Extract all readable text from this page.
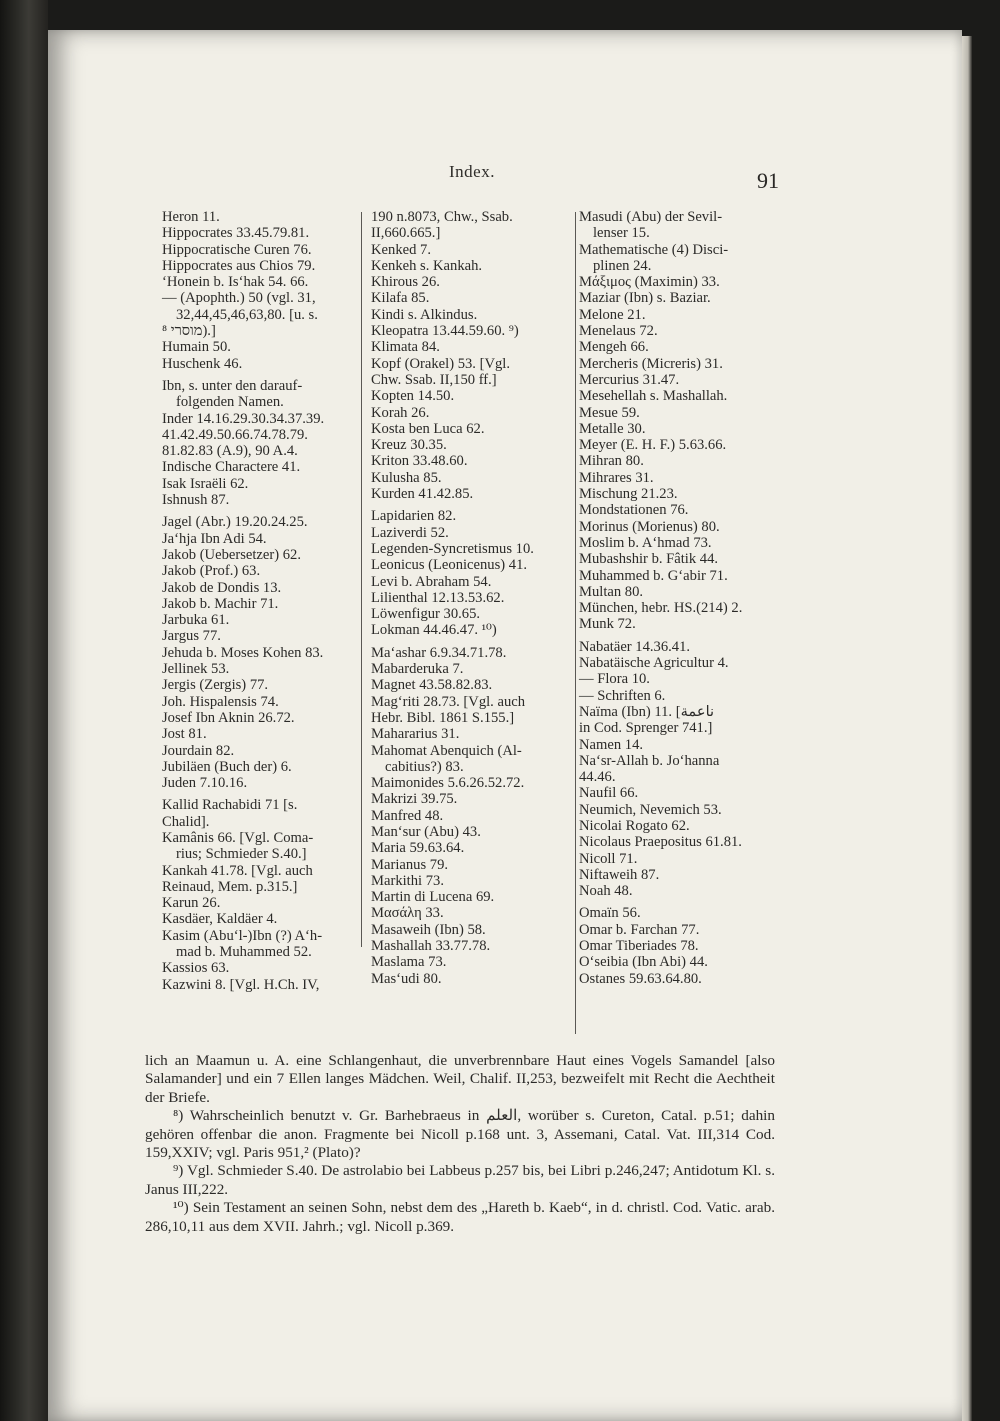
Index.	91
Heron 11.
Hippocrates 33.45.79.81.
Hippocratische Curen 76.
Hippocrates aus Chios 79.
‘Honein b. Is‘hak 54. 66.
— (Apophth.) 50 (vgl. 31,
32,44,45,46,63,80. [u. s.
מוסרי ⁸).]
Humain 50.
Huschenk 46.
Ibn, s. unter den darauf-
folgenden Namen.
Inder 14.16.29.30.34.37.39.
41.42.49.50.66.74.78.79.
81.82.83 (A.9), 90 A.4.
Indische Charactere 41.
Isak Israëli 62.
Ishnush 87.
Jagel (Abr.) 19.20.24.25.
Ja‘hja Ibn Adi 54.
Jakob (Uebersetzer) 62.
Jakob (Prof.) 63.
Jakob de Dondis 13.
Jakob b. Machir 71.
Jarbuka 61.
Jargus 77.
Jehuda b. Moses Kohen 83.
Jellinek 53.
Jergis (Zergis) 77.
Joh. Hispalensis 74.
Josef Ibn Aknin 26.72.
Jost 81.
Jourdain 82.
Jubiläen (Buch der) 6.
Juden 7.10.16.
Kallid Rachabidi 71 [s.
Chalid].
Kamânis 66. [Vgl. Coma-
rius; Schmieder S.40.]
Kankah 41.78. [Vgl. auch
Reinaud, Mem. p.315.]
Karun 26.
Kasdäer, Kaldäer 4.
Kasim (Abu‘l-)Ibn (?) A‘h-
mad b. Muhammed 52.
Kassios 63.
Kazwini 8. [Vgl. H.Ch. IV,
190 n.8073, Chw., Ssab.
II,660.665.]
Kenked 7.
Kenkeh s. Kankah.
Khirous 26.
Kilafa 85.
Kindi s. Alkindus.
Kleopatra 13.44.59.60. ⁹)
Klimata 84.
Kopf (Orakel) 53. [Vgl.
Chw. Ssab. II,150 ff.]
Kopten 14.50.
Korah 26.
Kosta ben Luca 62.
Kreuz 30.35.
Kriton 33.48.60.
Kulusha 85.
Kurden 41.42.85.
Lapidarien 82.
Laziverdi 52.
Legenden-Syncretismus 10.
Leonicus (Leonicenus) 41.
Levi b. Abraham 54.
Lilienthal 12.13.53.62.
Löwenfigur 30.65.
Lokman 44.46.47. ¹⁰)
Ma‘ashar 6.9.34.71.78.
Mabarderuka 7.
Magnet 43.58.82.83.
Mag‘riti 28.73. [Vgl. auch
Hebr. Bibl. 1861 S.155.]
Mahararius 31.
Mahomat Abenquich (Al-
cabitius?) 83.
Maimonides 5.6.26.52.72.
Makrizi 39.75.
Manfred 48.
Man‘sur (Abu) 43.
Maria 59.63.64.
Marianus 79.
Markithi 73.
Martin di Lucena 69.
Μασάλη 33.
Masaweih (Ibn) 58.
Mashallah 33.77.78.
Maslama 73.
Mas‘udi 80.
Masudi (Abu) der Sevil-
lenser 15.
Mathematische (4) Disci-
plinen 24.
Μάξιμος (Maximin) 33.
Maziar (Ibn) s. Baziar.
Melone 21.
Menelaus 72.
Mengeh 66.
Mercheris (Micreris) 31.
Mercurius 31.47.
Mesehellah s. Mashallah.
Mesue 59.
Metalle 30.
Meyer (E. H. F.) 5.63.66.
Mihran 80.
Mihrares 31.
Mischung 21.23.
Mondstationen 76.
Morinus (Morienus) 80.
Moslim b. A‘hmad 73.
Mubashshir b. Fâtik 44.
Muhammed b. G‘abir 71.
Multan 80.
München, hebr. HS.(214) 2.
Munk 72.
Nabatäer 14.36.41.
Nabatäische Agricultur 4.
— Flora 10.
— Schriften 6.
Naïma (Ibn) 11. [ناعمة
in Cod. Sprenger 741.]
Namen 14.
Na‘sr-Allah b. Jo‘hanna
44.46.
Naufil 66.
Neumich, Nevemich 53.
Nicolai Rogato 62.
Nicolaus Praepositus 61.81.
Nicoll 71.
Niftaweih 87.
Noah 48.
Omaïn 56.
Omar b. Farchan 77.
Omar Tiberiades 78.
O‘seibia (Ibn Abi) 44.
Ostanes 59.63.64.80.

lich an Maamun u. A. eine Schlangenhaut, die unverbrennbare Haut eines Vogels Samandel [also Salamander] und ein 7 Ellen langes Mädchen. Weil, Chalif. II,253, bezweifelt mit Recht die Aechtheit der Briefe.

⁸) Wahrscheinlich benutzt v. Gr. Barhebraeus in العلم, worüber s. Cureton, Catal. p.51; dahin gehören offenbar die anon. Fragmente bei Nicoll p.168 unt. 3, Assemani, Catal. Vat. III,314 Cod. 159,XXIV; vgl. Paris 951,² (Plato)?

⁹) Vgl. Schmieder S.40. De astrolabio bei Labbeus p.257 bis, bei Libri p.246,247; Antidotum Kl. s. Janus III,222.

¹⁰) Sein Testament an seinen Sohn, nebst dem des „Hareth b. Kaeb“, in d. christl. Cod. Vatic. arab. 286,10,11 aus dem XVII. Jahrh.; vgl. Nicoll p.369.
